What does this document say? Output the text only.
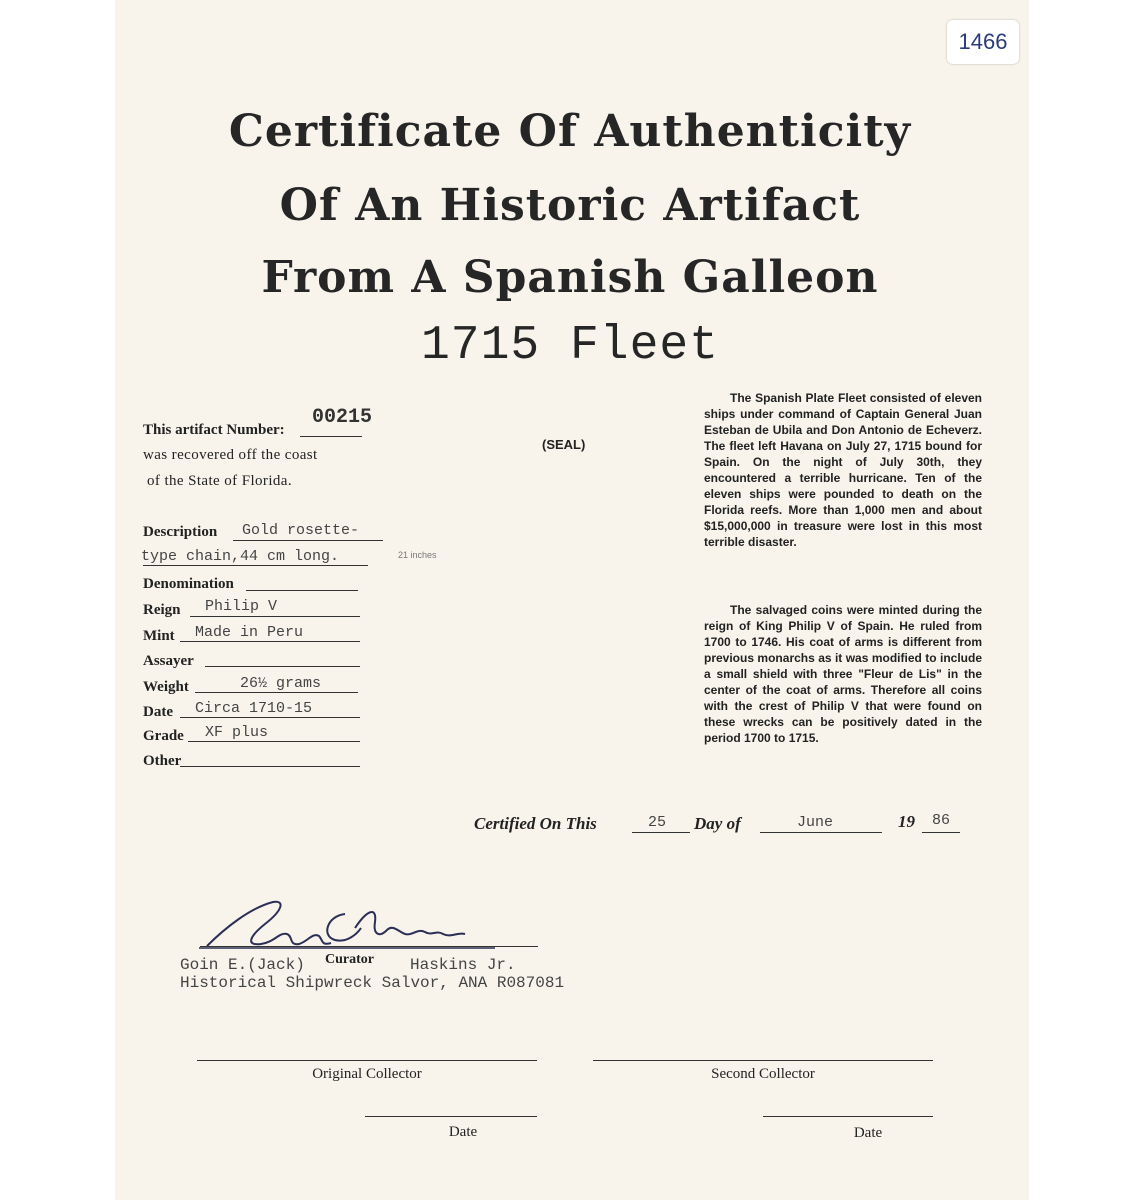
1466
Certificate Of Authenticity
Of An Historic Artifact
From A Spanish Galleon
1715 Fleet
This artifact Number:
00215
was recovered off the coast
of the State of Florida.
(SEAL)
Description Gold rosette-
type chain,44 cm long.	21 inches
Denomination
Reign Philip V
Mint Made in Peru
Assayer
Weight	26½ grams
Date Circa 1710-15
Grade XF plus
Other
The Spanish Plate Fleet consisted of eleven ships under command of Captain General Juan Esteban de Ubila and Don Antonio de Echeverz. The fleet left Havana on July 27, 1715 bound for Spain. On the night of July 30th, they encountered a terrible hurricane. Ten of the eleven ships were pounded to death on the Florida reefs. More than 1,000 men and about $15,000,000 in treasure were lost in this most terrible disaster.
The salvaged coins were minted during the reign of King Philip V of Spain. He ruled from 1700 to 1746. His coat of arms is different from previous monarchs as it was modified to include a small shield with three "Fleur de Lis" in the center of the coat of arms. Therefore all coins with the crest of Philip V that were found on these wrecks can be positively dated in the period 1700 to 1715.
Certified On This	25 Day of	June	19 86
Goin E.(Jack) Curator Haskins Jr.
Historical Shipwreck Salvor, ANA R087081
Original Collector	Second Collector
Date	Date
